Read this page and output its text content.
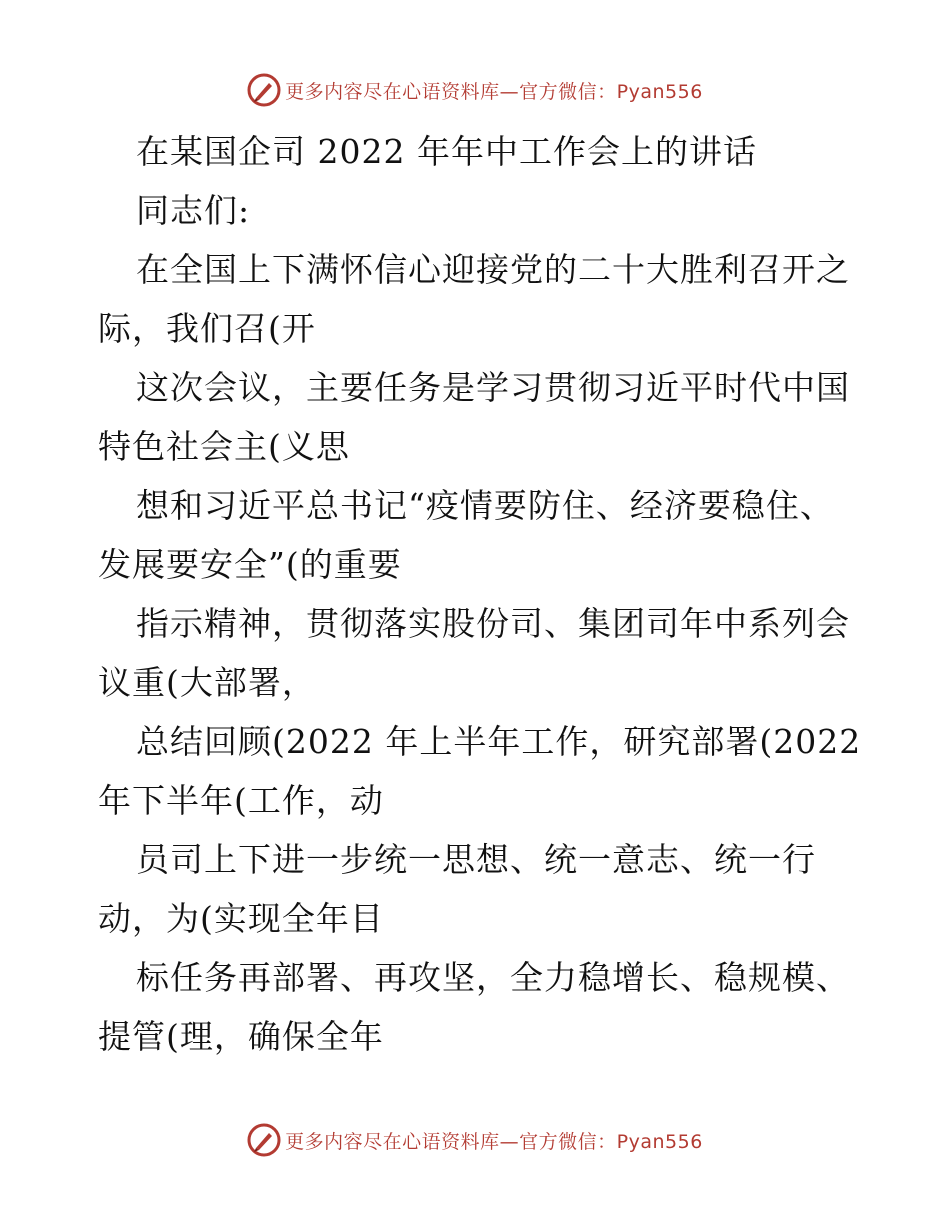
更多内容尽在心语资料库—官方微信：Pyan556
在某国企司 2022 年年中工作会上的讲话
同志们:
在全国上下满怀信心迎接党的二十大胜利召开之
际，我们召(开
这次会议，主要任务是学习贯彻习近平时代中国
特色社会主(义思
想和习近平总书记“疫情要防住、经济要稳住、
发展要安全”(的重要
指示精神，贯彻落实股份司、集团司年中系列会
议重(大部署，
总结回顾(2022 年上半年工作，研究部署(2022
年下半年(工作，动
员司上下进一步统一思想、统一意志、统一行
动，为(实现全年目
标任务再部署、再攻坚，全力稳增长、稳规模、
提管(理，确保全年
更多内容尽在心语资料库—官方微信：Pyan556
